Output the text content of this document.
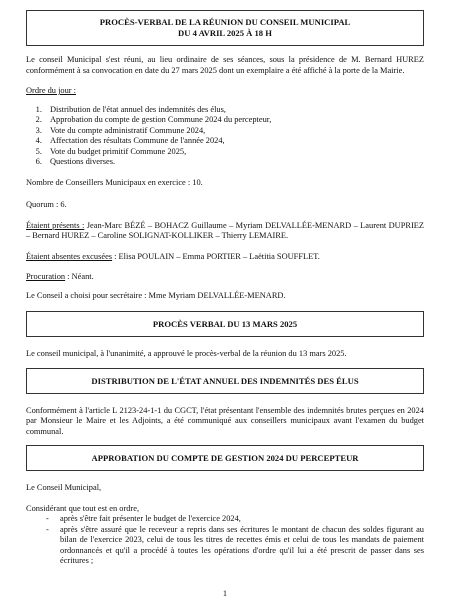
PROCÈS-VERBAL DE LA RÉUNION DU CONSEIL MUNICIPAL
DU 4 AVRIL 2025 À 18 H

Le conseil Municipal s'est réuni, au lieu ordinaire de ses séances, sous la présidence de M. Bernard HUREZ conformément à sa convocation en date du 27 mars 2025 dont un exemplaire a été affiché à la porte de la Mairie.

Ordre du jour :

1. Distribution de l'état annuel des indemnités des élus,
2. Approbation du compte de gestion Commune 2024 du percepteur,
3. Vote du compte administratif Commune 2024,
4. Affectation des résultats Commune de l'année 2024,
5. Vote du budget primitif Commune 2025,
6. Questions diverses.

Nombre de Conseillers Municipaux en exercice : 10.

Quorum : 6.

Étaient présents : Jean-Marc BÉZÉ – BOHACZ Guillaume – Myriam DELVALLÉE-MENARD – Laurent DUPRIEZ – Bernard HUREZ – Caroline SOLIGNAT-KOLLIKER – Thierry LEMAIRE.

Étaient absentes excusées : Elisa POULAIN – Emma PORTIER – Laëtitia SOUFFLET.

Procuration : Néant.

Le Conseil a choisi pour secrétaire : Mme Myriam DELVALLÉE-MENARD.

PROCÈS VERBAL DU 13 MARS 2025

Le conseil municipal, à l'unanimité, a approuvé le procès-verbal de la réunion du 13 mars 2025.

DISTRIBUTION DE L'ÉTAT ANNUEL DES INDEMNITÉS DES ÉLUS

Conformément à l'article L 2123-24-1-1 du CGCT, l'état présentant l'ensemble des indemnités brutes perçues en 2024 par Monsieur le Maire et les Adjoints, a été communiqué aux conseillers municipaux avant l'examen du budget communal.

APPROBATION DU COMPTE DE GESTION 2024 DU PERCEPTEUR

Le Conseil Municipal,

Considérant que tout est en ordre,

- après s'être fait présenter le budget de l'exercice 2024,
- après s'être assuré que le receveur a repris dans ses écritures le montant de chacun des soldes figurant au bilan de l'exercice 2023, celui de tous les titres de recettes émis et celui de tous les mandats de paiement ordonnancés et qu'il a procédé à toutes les opérations d'ordre qu'il lui a été prescrit de passer dans ses écritures ;
1
